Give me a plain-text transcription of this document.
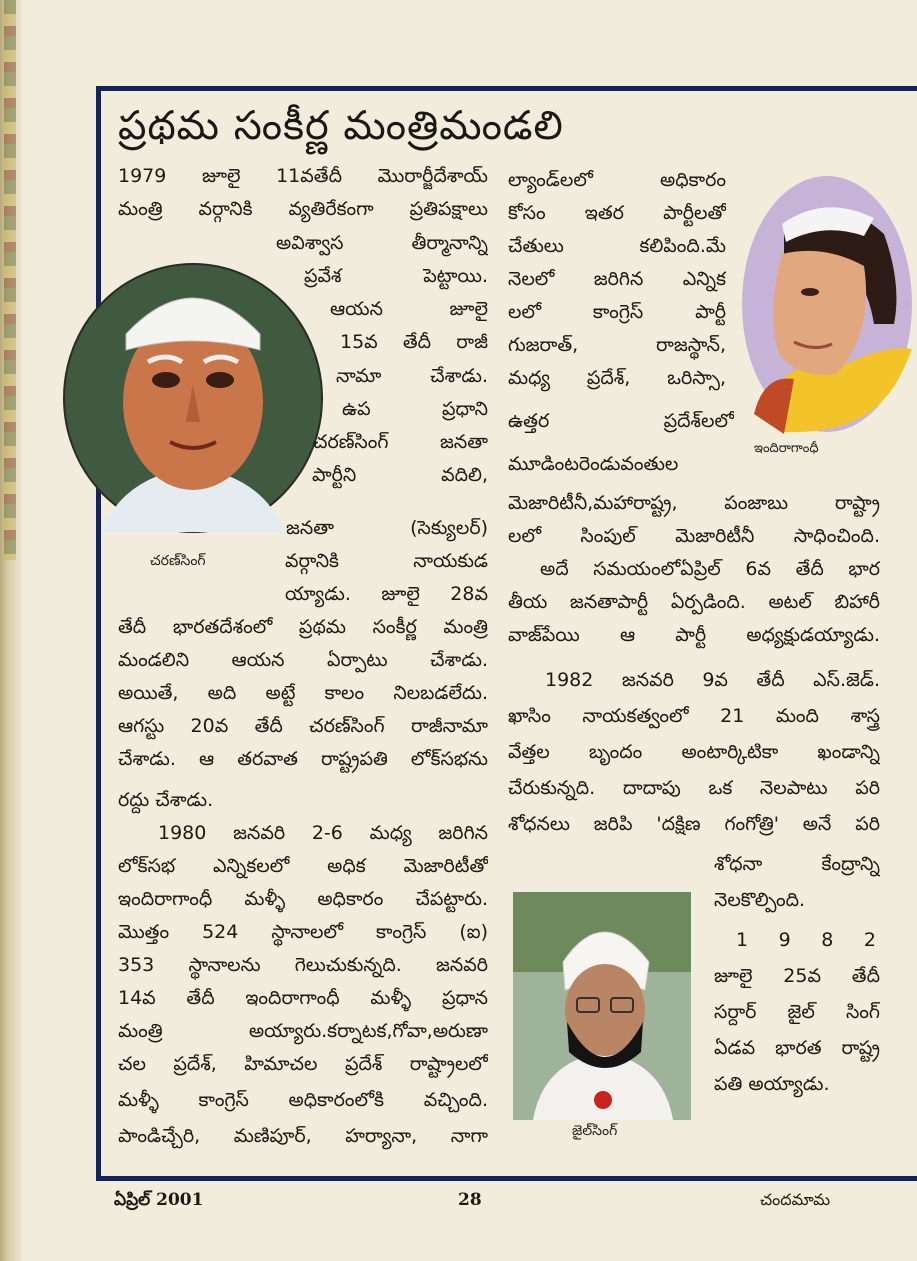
ప్రథమ సంకీర్ణ మంత్రిమండలి
చరణ్‌సింగ్
ఇందిరాగాంధీ
జైల్‌సింగ్
1979 జూలై 11వతేదీ మొరార్జీదేశాయ్
మంత్రి వర్గానికి వ్యతిరేకంగా ప్రతిపక్షాలు
అవిశ్వాస తీర్మానాన్ని
ప్రవేశ పెట్టాయి.
ఆయన జూలై
15వ తేదీ రాజీ
నామా చేశాడు.
ఉప ప్రధాని
చరణ్‌సింగ్ జనతా
పార్టీని వదిలి,
జనతా (సెక్యులర్)
వర్గానికి నాయకుడ
య్యాడు. జూలై 28వ
తేదీ భారతదేశంలో ప్రథమ సంకీర్ణ మంత్రి
మండలిని ఆయన ఏర్పాటు చేశాడు.
అయితే, అది అట్టే కాలం నిలబడలేదు.
ఆగస్టు 20వ తేదీ చరణ్‌సింగ్ రాజీనామా
చేశాడు. ఆ తరవాత రాష్ట్రపతి లోక్‌సభను
రద్దు చేశాడు.
1980 జనవరి 2-6 మధ్య జరిగిన
లోక్‌సభ ఎన్నికలలో అధిక మెజారిటీతో
ఇందిరాగాంధీ మళ్ళీ అధికారం చేపట్టారు.
మొత్తం 524 స్థానాలలో కాంగ్రెస్ (ఐ)
353 స్థానాలను గెలుచుకున్నది. జనవరి
14వ తేదీ ఇందిరాగాంధీ మళ్ళీ ప్రధాన
మంత్రి అయ్యారు.కర్నాటక,గోవా,అరుణా
చల ప్రదేశ్, హిమాచల ప్రదేశ్ రాష్ట్రాలలో
మళ్ళీ కాంగ్రెస్ అధికారంలోకి వచ్చింది.
పాండిచ్చేరి, మణిపూర్, హర్యానా, నాగా
ల్యాండ్‌లలో అధికారం
కోసం ఇతర పార్టీలతో
చేతులు కలిపింది.మే
నెలలో జరిగిన ఎన్నిక
లలో కాంగ్రెస్ పార్టీ
గుజరాత్, రాజస్థాన్,
మధ్య ప్రదేశ్, ఒరిస్సా,
ఉత్తర ప్రదేశ్‌లలో
మూడింటరెండువంతుల
మెజారిటీనీ,మహారాష్ట్ర, పంజాబు రాష్ట్రా
లలో సింపుల్ మెజారిటీనీ సాధించింది.
అదే సమయంలోఏప్రిల్ 6వ తేదీ భార
తీయ జనతాపార్టీ ఏర్పడింది. అటల్ బిహారీ
వాజ్‌పేయి ఆ పార్టీ అధ్యక్షుడయ్యాడు.
1982 జనవరి 9వ తేదీ ఎస్.జెడ్.
ఖాసిం నాయకత్వంలో 21 మంది శాస్త్ర
వేత్తల బృందం అంటార్కిటికా ఖండాన్ని
చేరుకున్నది. దాదాపు ఒక నెలపాటు పరి
శోధనలు జరిపి 'దక్షిణ గంగోత్రి' అనే పరి
శోధనా కేంద్రాన్ని
నెలకొల్పింది.
1 9 8 2
జూలై 25వ తేదీ
సర్దార్ జైల్ సింగ్
ఏడవ భారత రాష్ట్ర
పతి అయ్యాడు.
ఏప్రిల్ 2001	28	చందమామ
